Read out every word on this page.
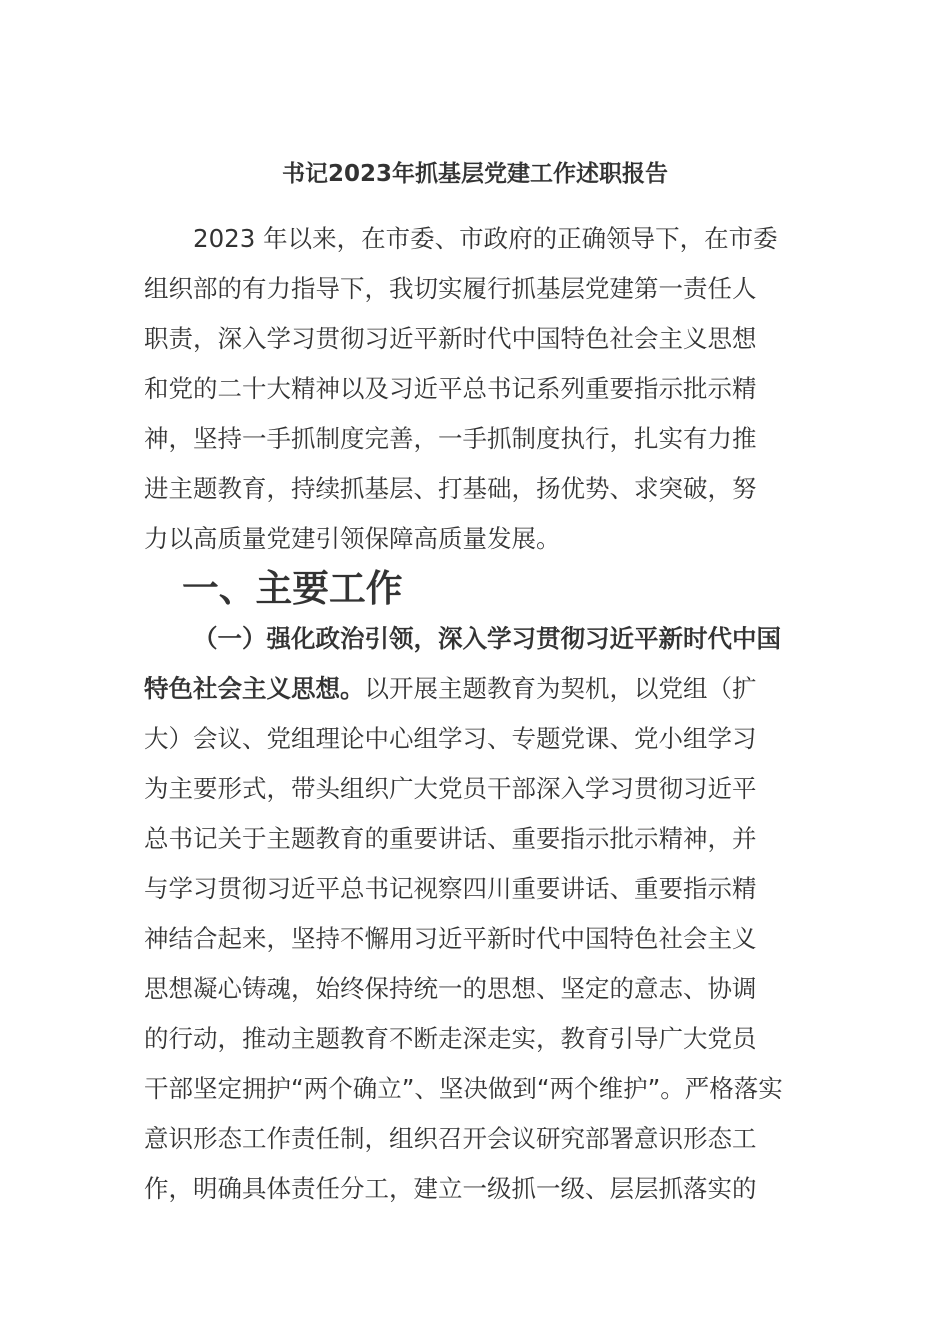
书记2023年抓基层党建工作述职报告
2023 年以来，在市委、市政府的正确领导下，在市委
组织部的有力指导下，我切实履行抓基层党建第一责任人
职责，深入学习贯彻习近平新时代中国特色社会主义思想
和党的二十大精神以及习近平总书记系列重要指示批示精
神，坚持一手抓制度完善，一手抓制度执行，扎实有力推
进主题教育，持续抓基层、打基础，扬优势、求突破，努
力以高质量党建引领保障高质量发展。
一、主要工作
（一）强化政治引领，深入学习贯彻习近平新时代中国
特色社会主义思想。以开展主题教育为契机，以党组（扩
大）会议、党组理论中心组学习、专题党课、党小组学习
为主要形式，带头组织广大党员干部深入学习贯彻习近平
总书记关于主题教育的重要讲话、重要指示批示精神，并
与学习贯彻习近平总书记视察四川重要讲话、重要指示精
神结合起来，坚持不懈用习近平新时代中国特色社会主义
思想凝心铸魂，始终保持统一的思想、坚定的意志、协调
的行动，推动主题教育不断走深走实，教育引导广大党员
干部坚定拥护“两个确立”、坚决做到“两个维护”。严格落实
意识形态工作责任制，组织召开会议研究部署意识形态工
作，明确具体责任分工，建立一级抓一级、层层抓落实的
